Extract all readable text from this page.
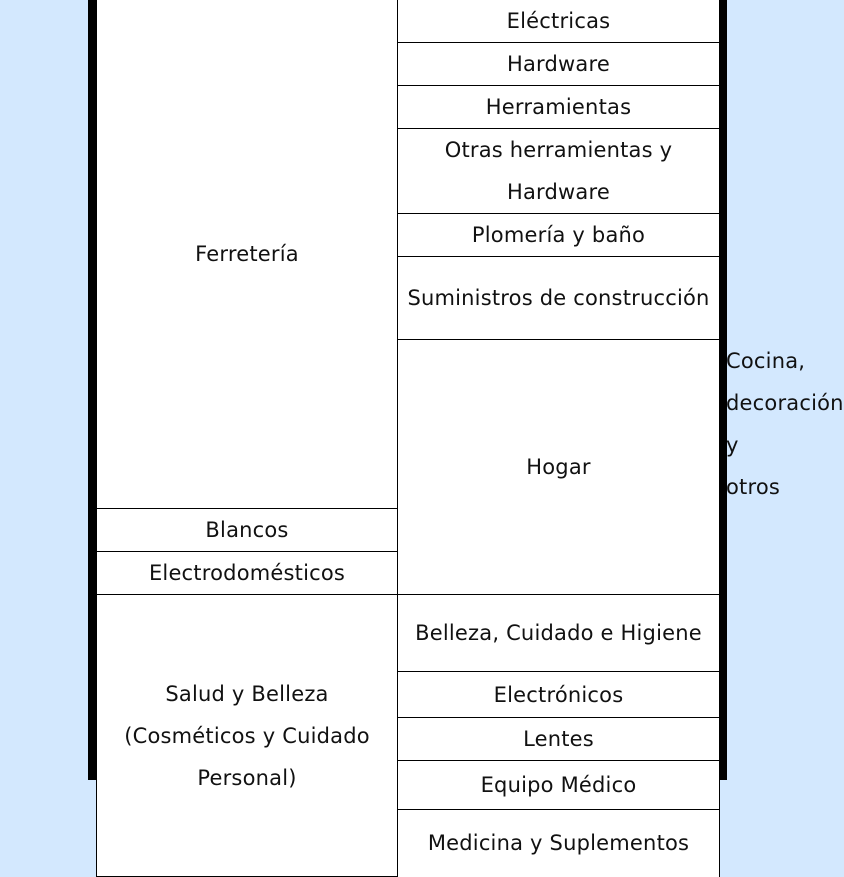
Ferretería	Eléctricas	
	Hardware	
	Herramientas	
	Otras herramientas y Hardware	
	Plomería y baño	
	Suministros de construcción	
	Hogar	Cocina, decoración y otros
Blancos		
Electrodomésticos		
Salud y Belleza (Cosméticos y Cuidado Personal)	Belleza, Cuidado e Higiene	
	Electrónicos	
	Lentes	
	Equipo Médico	
	Medicina y Suplementos	
